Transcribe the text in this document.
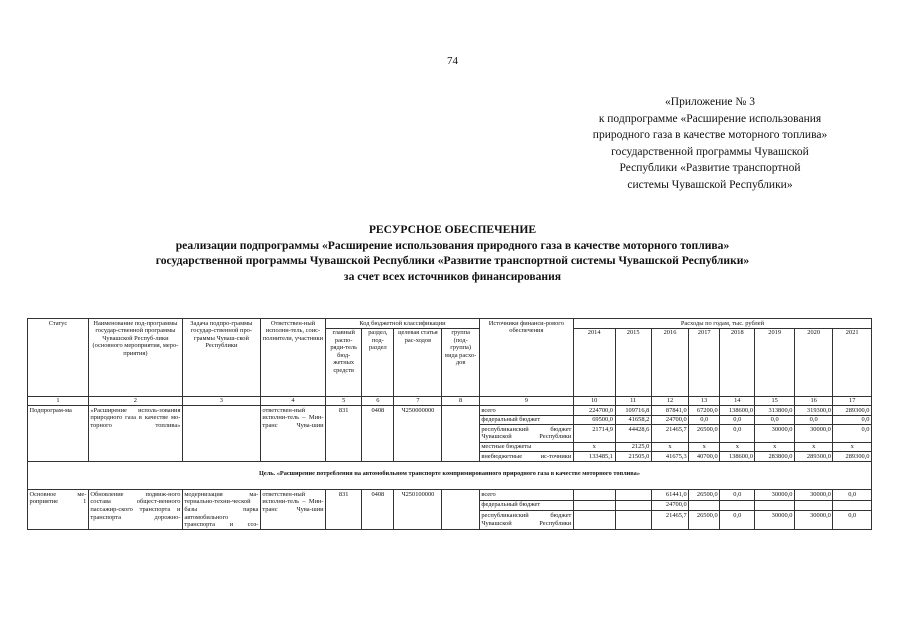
74
«Приложение № 3
к подпрограмме «Расширение использования
природного газа в качестве моторного топлива»
государственной программы Чувашской
Республики «Развитие транспортной
системы Чувашской Республики»
РЕСУРСНОЕ ОБЕСПЕЧЕНИЕ
реализации подпрограммы «Расширение использования природного газа в качестве моторного топлива»
государственной программы Чувашской Республики «Развитие транспортной системы Чувашской Республики»
за счет всех источников финансирования
Статус	Наименование под-программы государ-ственной программы Чувашской Респуб-лики (основного мероприятия, меро-приятия)	Задача подпро-граммы государ-ственной про-граммы Чуваш-ской Республики	Ответствен-ный исполни-тель, соис-полнители, участники	Код бюджетной классификации				Источники финанси-рового обеспечения	Расходы по годам, тыс. рублей							
				главный распо-ряди-тель бюд-жетных средств	раздел, под-раздел	целевая статья рас-ходов	группа (под-группа) вида расхо-дов		2014	2015	2016	2017	2018	2019	2020	2021
1	2	3	4	5	6	7	8	9	10	11	12	13	14	15	16	17
Подпрограм-ма	«Расширение исполь-зования природного газа в качестве мо-торного топлива»		ответствен-ный исполни-тель – Мин-транс Чува-шии	831	0408	Ч250000000		всего	224700,0	109716,8	87841,0	67200,0	138600,0	313800,0	319300,0	289300,0
								федеральный бюджет	69500,0	41658,2	24700,0	0,0	0,0	0,0	0,0	0,0
								республиканский бюджет Чувашской Республики	21714,9	44428,6	21465,7	26500,0	0,0	30000,0	30000,0	0,0
								местные бюджеты	x	2125,0	x	x	x	x	x	x
								внебюджетные ис-точники	133485,1	21505,0	41675,3	40700,0	138600,0	283800,0	289300,0	289300,0
Цель. «Расширение потребления на автомобильном транспорте компримированного природного газа в качестве моторного топлива»																
Основное ме-роприятие 1	Обновление подвиж-ного состава общест-венного пассажир-ского транспорта и транспорта дорожно-	модернизация ма-териально-техни-ческой базы парка автомобильного транспорта и соз-	ответствен-ный исполни-тель – Мин-транс Чува-шии	831	0408	Ч250100000		всего			61441,0	26500,0	0,0	30000,0	30000,0	0,0
								федеральный бюджет			24700,0					
								республиканский бюджет Чувашской Республики			21465,7	26500,0	0,0	30000,0	30000,0	0,0
